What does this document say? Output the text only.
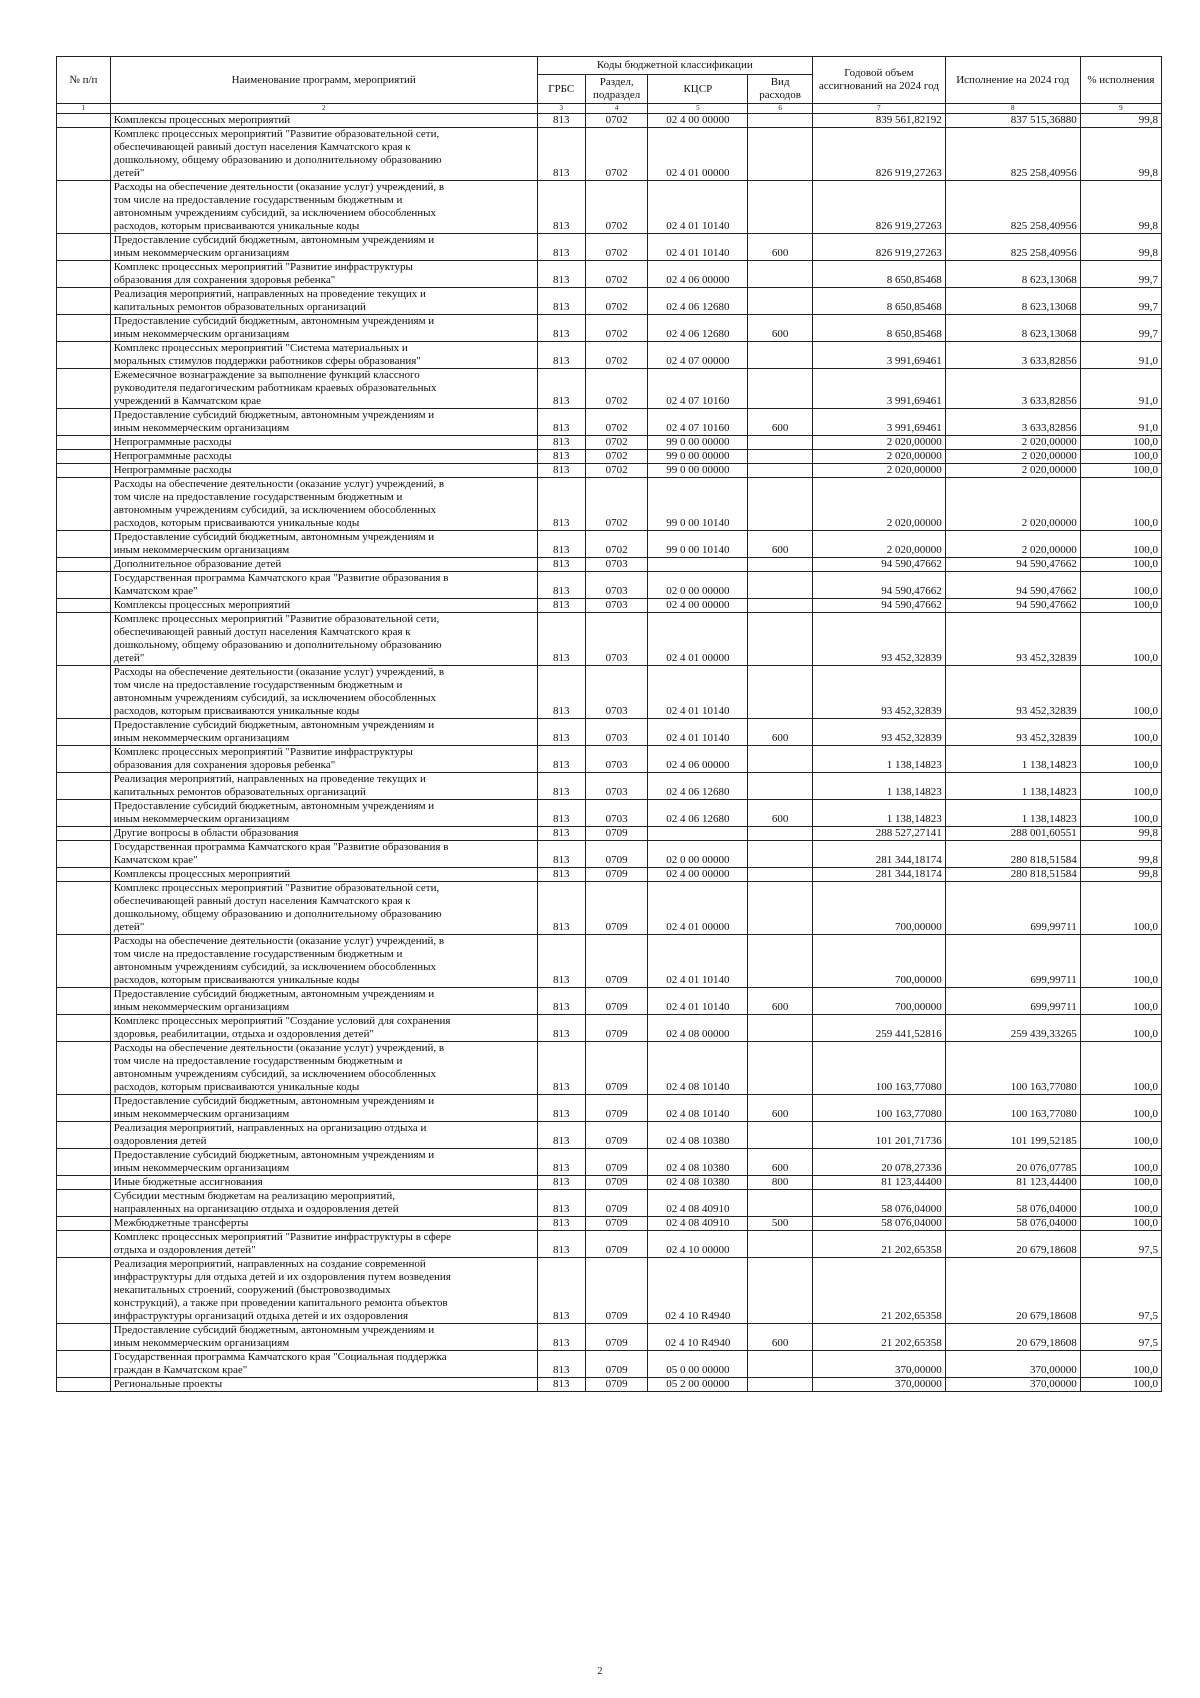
№ п/п	Наименование программ, мероприятий	Коды бюджетной классификации				Годовой объем ассигнований на 2024 год	Исполнение на 2024 год	% исполнения
		ГРБС	Раздел, подраздел	КЦСР	Вид расходов			
1	2	3	4	5	6	7	8	9
	Комплексы процессных мероприятий	813	0702	02 4 00 00000		839 561,82192	837 515,36880	99,8
	Комплекс процессных мероприятий "Развитие образовательной сети,
обеспечивающей равный доступ населения Камчатского края к
дошкольному, общему образованию и дополнительному образованию
детей"	813	0702	02 4 01 00000		826 919,27263	825 258,40956	99,8
	Расходы на обеспечение деятельности (оказание услуг) учреждений, в
том числе на предоставление государственным бюджетным и
автономным учреждениям субсидий, за исключением обособленных
расходов, которым присваиваются уникальные коды	813	0702	02 4 01 10140		826 919,27263	825 258,40956	99,8
	Предоставление субсидий бюджетным, автономным учреждениям и
иным некоммерческим организациям	813	0702	02 4 01 10140	600	826 919,27263	825 258,40956	99,8
	Комплекс процессных мероприятий "Развитие инфраструктуры
образования для сохранения здоровья ребенка"	813	0702	02 4 06 00000		8 650,85468	8 623,13068	99,7
	Реализация мероприятий, направленных на проведение текущих и
капитальных ремонтов образовательных организаций	813	0702	02 4 06 12680		8 650,85468	8 623,13068	99,7
	Предоставление субсидий бюджетным, автономным учреждениям и
иным некоммерческим организациям	813	0702	02 4 06 12680	600	8 650,85468	8 623,13068	99,7
	Комплекс процессных мероприятий "Система материальных и
моральных стимулов поддержки работников сферы образования"	813	0702	02 4 07 00000		3 991,69461	3 633,82856	91,0
	Ежемесячное вознаграждение за выполнение функций классного
руководителя педагогическим работникам краевых образовательных
учреждений в Камчатском крае	813	0702	02 4 07 10160		3 991,69461	3 633,82856	91,0
	Предоставление субсидий бюджетным, автономным учреждениям и
иным некоммерческим организациям	813	0702	02 4 07 10160	600	3 991,69461	3 633,82856	91,0
	Непрограммные расходы	813	0702	99 0 00 00000		2 020,00000	2 020,00000	100,0
	Непрограммные расходы	813	0702	99 0 00 00000		2 020,00000	2 020,00000	100,0
	Непрограммные расходы	813	0702	99 0 00 00000		2 020,00000	2 020,00000	100,0
	Расходы на обеспечение деятельности (оказание услуг) учреждений, в
том числе на предоставление государственным бюджетным и
автономным учреждениям субсидий, за исключением обособленных
расходов, которым присваиваются уникальные коды	813	0702	99 0 00 10140		2 020,00000	2 020,00000	100,0
	Предоставление субсидий бюджетным, автономным учреждениям и
иным некоммерческим организациям	813	0702	99 0 00 10140	600	2 020,00000	2 020,00000	100,0
	Дополнительное образование детей	813	0703			94 590,47662	94 590,47662	100,0
	Государственная программа Камчатского края "Развитие образования в
Камчатском крае"	813	0703	02 0 00 00000		94 590,47662	94 590,47662	100,0
	Комплексы процессных мероприятий	813	0703	02 4 00 00000		94 590,47662	94 590,47662	100,0
	Комплекс процессных мероприятий "Развитие образовательной сети,
обеспечивающей равный доступ населения Камчатского края к
дошкольному, общему образованию и дополнительному образованию
детей"	813	0703	02 4 01 00000		93 452,32839	93 452,32839	100,0
	Расходы на обеспечение деятельности (оказание услуг) учреждений, в
том числе на предоставление государственным бюджетным и
автономным учреждениям субсидий, за исключением обособленных
расходов, которым присваиваются уникальные коды	813	0703	02 4 01 10140		93 452,32839	93 452,32839	100,0
	Предоставление субсидий бюджетным, автономным учреждениям и
иным некоммерческим организациям	813	0703	02 4 01 10140	600	93 452,32839	93 452,32839	100,0
	Комплекс процессных мероприятий "Развитие инфраструктуры
образования для сохранения здоровья ребенка"	813	0703	02 4 06 00000		1 138,14823	1 138,14823	100,0
	Реализация мероприятий, направленных на проведение текущих и
капитальных ремонтов образовательных организаций	813	0703	02 4 06 12680		1 138,14823	1 138,14823	100,0
	Предоставление субсидий бюджетным, автономным учреждениям и
иным некоммерческим организациям	813	0703	02 4 06 12680	600	1 138,14823	1 138,14823	100,0
	Другие вопросы в области образования	813	0709			288 527,27141	288 001,60551	99,8
	Государственная программа Камчатского края "Развитие образования в
Камчатском крае"	813	0709	02 0 00 00000		281 344,18174	280 818,51584	99,8
	Комплексы процессных мероприятий	813	0709	02 4 00 00000		281 344,18174	280 818,51584	99,8
	Комплекс процессных мероприятий "Развитие образовательной сети,
обеспечивающей равный доступ населения Камчатского края к
дошкольному, общему образованию и дополнительному образованию
детей"	813	0709	02 4 01 00000		700,00000	699,99711	100,0
	Расходы на обеспечение деятельности (оказание услуг) учреждений, в
том числе на предоставление государственным бюджетным и
автономным учреждениям субсидий, за исключением обособленных
расходов, которым присваиваются уникальные коды	813	0709	02 4 01 10140		700,00000	699,99711	100,0
	Предоставление субсидий бюджетным, автономным учреждениям и
иным некоммерческим организациям	813	0709	02 4 01 10140	600	700,00000	699,99711	100,0
	Комплекс процессных мероприятий "Создание условий для сохранения
здоровья, реабилитации, отдыха и оздоровления детей"	813	0709	02 4 08 00000		259 441,52816	259 439,33265	100,0
	Расходы на обеспечение деятельности (оказание услуг) учреждений, в
том числе на предоставление государственным бюджетным и
автономным учреждениям субсидий, за исключением обособленных
расходов, которым присваиваются уникальные коды	813	0709	02 4 08 10140		100 163,77080	100 163,77080	100,0
	Предоставление субсидий бюджетным, автономным учреждениям и
иным некоммерческим организациям	813	0709	02 4 08 10140	600	100 163,77080	100 163,77080	100,0
	Реализация мероприятий, направленных на организацию отдыха и
оздоровления детей	813	0709	02 4 08 10380		101 201,71736	101 199,52185	100,0
	Предоставление субсидий бюджетным, автономным учреждениям и
иным некоммерческим организациям	813	0709	02 4 08 10380	600	20 078,27336	20 076,07785	100,0
	Иные бюджетные ассигнования	813	0709	02 4 08 10380	800	81 123,44400	81 123,44400	100,0
	Субсидии местным бюджетам на реализацию мероприятий,
направленных на организацию отдыха и оздоровления детей	813	0709	02 4 08 40910		58 076,04000	58 076,04000	100,0
	Межбюджетные трансферты	813	0709	02 4 08 40910	500	58 076,04000	58 076,04000	100,0
	Комплекс процессных мероприятий "Развитие инфраструктуры в сфере
отдыха и оздоровления детей"	813	0709	02 4 10 00000		21 202,65358	20 679,18608	97,5
	Реализация мероприятий, направленных на создание современной
инфраструктуры для отдыха детей и их оздоровления путем возведения
некапитальных строений, сооружений (быстровозводимых
конструкций), а также при проведении капитального ремонта объектов
инфраструктуры организаций отдыха детей и их оздоровления	813	0709	02 4 10 R4940		21 202,65358	20 679,18608	97,5
	Предоставление субсидий бюджетным, автономным учреждениям и
иным некоммерческим организациям	813	0709	02 4 10 R4940	600	21 202,65358	20 679,18608	97,5
	Государственная программа Камчатского края "Социальная поддержка
граждан в Камчатском крае"	813	0709	05 0 00 00000		370,00000	370,00000	100,0
	Региональные проекты	813	0709	05 2 00 00000		370,00000	370,00000	100,0
2
